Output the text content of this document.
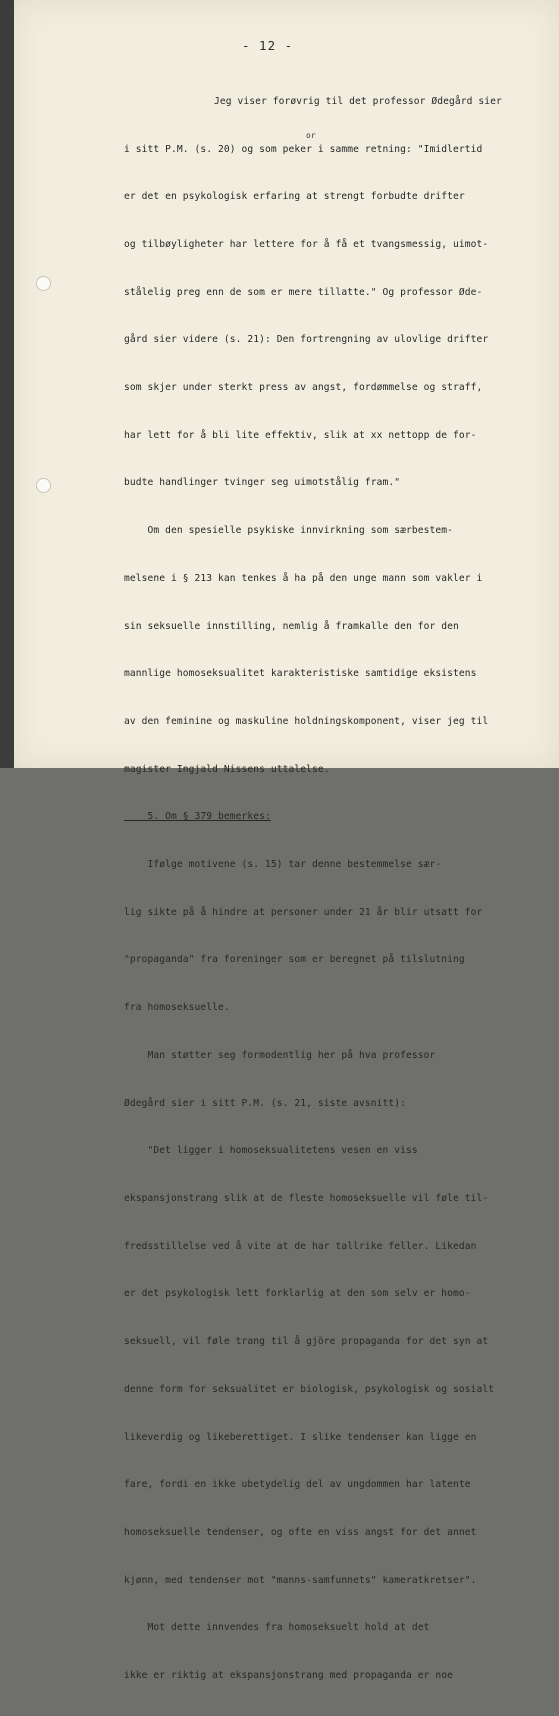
- 12 -
or

Jeg viser forøvrig til det professor Ødegård sier

i sitt P.M. (s. 20) og som peker i samme retning: "Imidlertid

er det en psykologisk erfaring at strengt forbudte drifter

og tilbøyligheter har lettere for å få et tvangsmessig, uimot-

stålelig preg enn de som er mere tillatte." Og professor Øde-

gård sier videre (s. 21): Den fortrengning av ulovlige drifter

som skjer under sterkt press av angst, fordømmelse og straff,

har lett for å bli lite effektiv, slik at xx nettopp de for-

budte handlinger tvinger seg uimotstålig fram."

Om den spesielle psykiske innvirkning som særbestem-

melsene i § 213 kan tenkes å ha på den unge mann som vakler i

sin seksuelle innstilling, nemlig å framkalle den for den

mannlige homoseksualitet karakteristiske samtidige eksistens

av den feminine og maskuline holdningskomponent, viser jeg til

magister Ingjald Nissens uttalelse.

5. Om § 379 bemerkes:

Ifølge motivene (s. 15) tar denne bestemmelse sær-

lig sikte på å hindre at personer under 21 år blir utsatt for

"propaganda" fra foreninger som er beregnet på tilslutning

fra homoseksuelle.

Man støtter seg formodentlig her på hva professor

Ødegård sier i sitt P.M. (s. 21, siste avsnitt):

"Det ligger i homoseksualitetens vesen en viss

ekspansjonstrang slik at de fleste homoseksuelle vil føle til-

fredsstillelse ved å vite at de har tallrike feller. Likedan

er det psykologisk lett forklarlig at den som selv er homo-

seksuell, vil føle trang til å gjöre propaganda for det syn at

denne form for seksualitet er biologisk, psykologisk og sosialt

likeverdig og likeberettiget. I slike tendenser kan ligge en

fare, fordi en ikke ubetydelig del av ungdommen har latente

homoseksuelle tendenser, og ofte en viss angst for det annet

kjønn, med tendenser mot "manns-samfunnets" kameratkretser".

Mot dette innvendes fra homoseksuelt hold at det

ikke er riktig at ekspansjonstrang med propaganda er noe
